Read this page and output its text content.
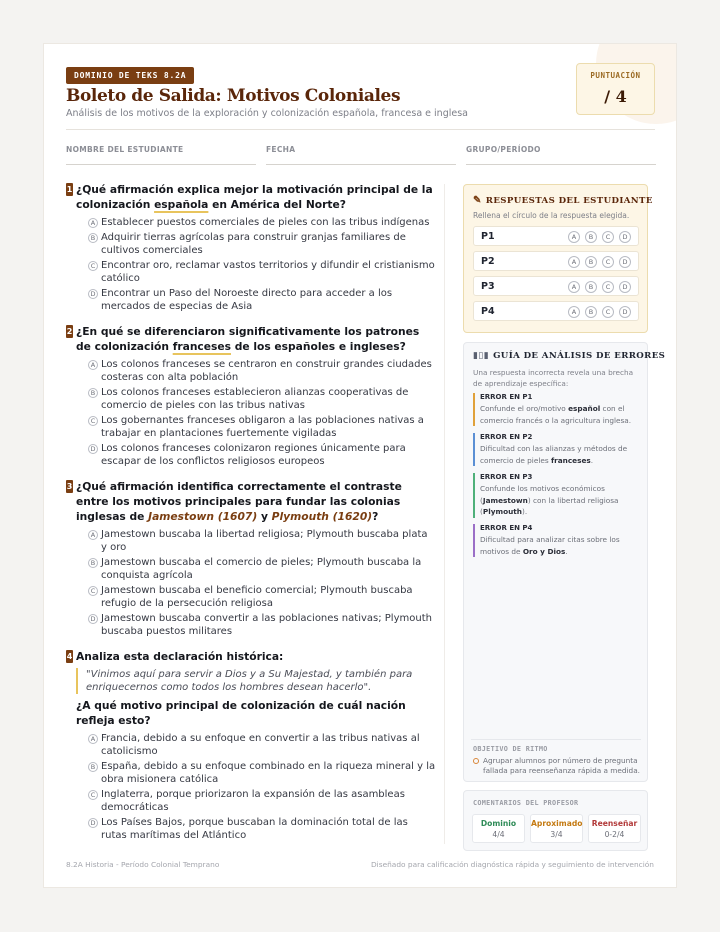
DOMINIO DE TEKS 8.2A
Boleto de Salida: Motivos Coloniales
Análisis de los motivos de la exploración y colonización española, francesa e inglesa
PUNTUACIÓN
/ 4
NOMBRE DEL ESTUDIANTE	FECHA	GRUPO/PERÍODO
1 ¿Qué afirmación explica mejor la motivación principal de la colonización española en América del Norte?
A Establecer puestos comerciales de pieles con las tribus indígenas
B Adquirir tierras agrícolas para construir granjas familiares de cultivos comerciales
C Encontrar oro, reclamar vastos territorios y difundir el cristianismo católico
D Encontrar un Paso del Noroeste directo para acceder a los mercados de especias de Asia
2 ¿En qué se diferenciaron significativamente los patrones de colonización franceses de los españoles e ingleses?
A Los colonos franceses se centraron en construir grandes ciudades costeras con alta población
B Los colonos franceses establecieron alianzas cooperativas de comercio de pieles con las tribus nativas
C Los gobernantes franceses obligaron a las poblaciones nativas a trabajar en plantaciones fuertemente vigiladas
D Los colonos franceses colonizaron regiones únicamente para escapar de los conflictos religiosos europeos
3 ¿Qué afirmación identifica correctamente el contraste entre los motivos principales para fundar las colonias inglesas de Jamestown (1607) y Plymouth (1620)?
A Jamestown buscaba la libertad religiosa; Plymouth buscaba plata y oro
B Jamestown buscaba el comercio de pieles; Plymouth buscaba la conquista agrícola
C Jamestown buscaba el beneficio comercial; Plymouth buscaba refugio de la persecución religiosa
D Jamestown buscaba convertir a las poblaciones nativas; Plymouth buscaba puestos militares
4 Analiza esta declaración histórica:
"Vinimos aquí para servir a Dios y a Su Majestad, y también para enriquecernos como todos los hombres desean hacerlo".
¿A qué motivo principal de colonización de cuál nación refleja esto?
A Francia, debido a su enfoque en convertir a las tribus nativas al catolicismo
B España, debido a su enfoque combinado en la riqueza mineral y la obra misionera católica
C Inglaterra, porque priorizaron la expansión de las asambleas democráticas
D Los Países Bajos, porque buscaban la dominación total de las rutas marítimas del Atlántico
✎ RESPUESTAS DEL ESTUDIANTE
Rellena el círculo de la respuesta elegida.
P1	A	B	C	D
P2	A	B	C	D
P3	A	B	C	D
P4	A	B	C	D
▮▯▮ GUÍA DE ANÁLISIS DE ERRORES
Una respuesta incorrecta revela una brecha de aprendizaje específica:
ERROR EN P1
Confunde el oro/motivo español con el comercio francés o la agricultura inglesa.
ERROR EN P2
Dificultad con las alianzas y métodos de comercio de pieles franceses.
ERROR EN P3
Confunde los motivos económicos (Jamestown) con la libertad religiosa (Plymouth).
ERROR EN P4
Dificultad para analizar citas sobre los motivos de Oro y Dios.
OBJETIVO DE RITMO
Agrupar alumnos por número de pregunta fallada para reenseñanza rápida a medida.
COMENTARIOS DEL PROFESOR
Dominio
4/4
Aproximado
3/4
Reenseñar
0-2/4
8.2A Historia - Período Colonial Temprano	Diseñado para calificación diagnóstica rápida y seguimiento de intervención
